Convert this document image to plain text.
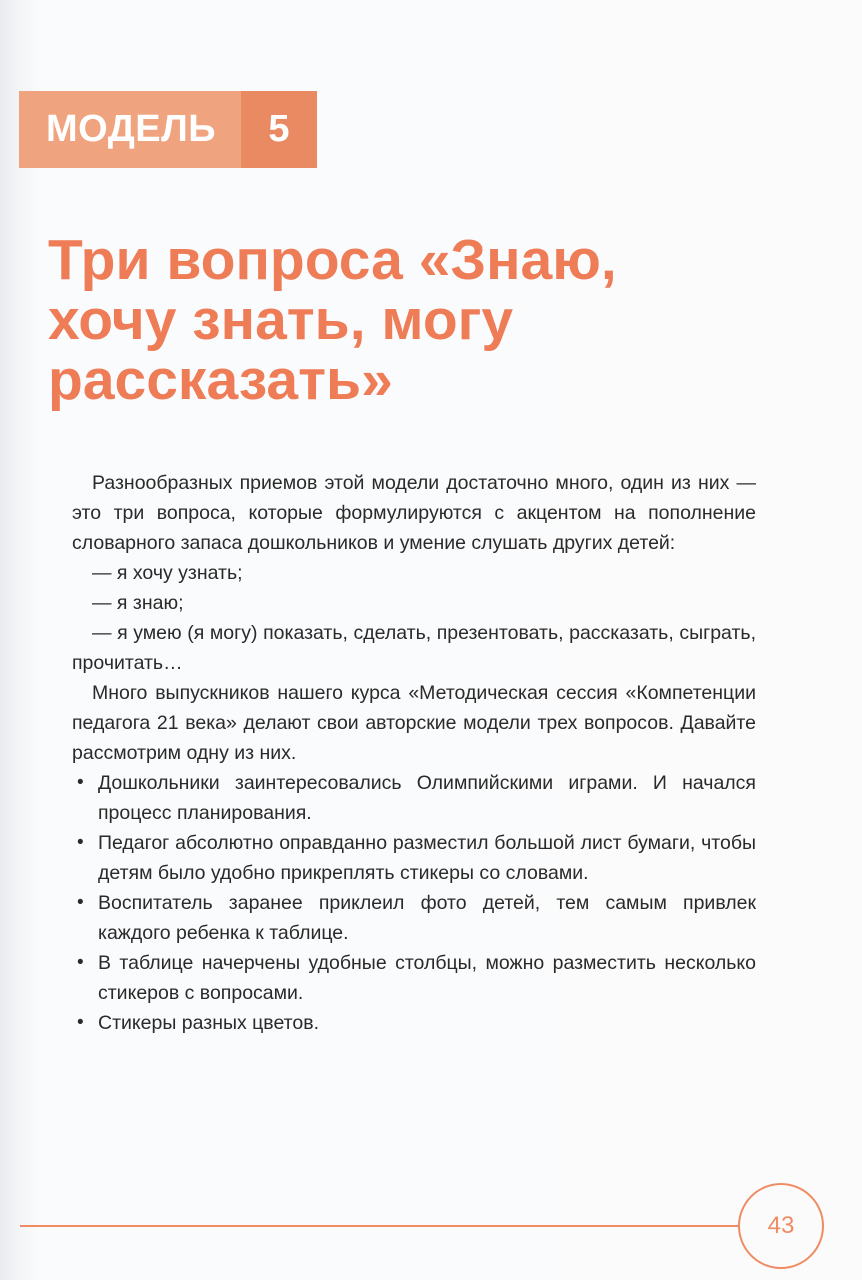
МОДЕЛЬ	5
Три вопроса «Знаю,
хочу знать, могу
рассказать»

Разнообразных приемов этой модели достаточно много, один из них — это три вопроса, которые формулируются с акцентом на пополнение словарного запаса дошкольников и умение слушать других детей:

— я хочу узнать;
— я знаю;
— я умею (я могу) показать, сделать, презентовать, рассказать, сыграть, прочитать…

Много выпускников нашего курса «Методическая сессия «Компетенции педагога 21 века» делают свои авторские модели трех вопросов. Давайте рассмотрим одну из них.

• Дошкольники заинтересовались Олимпийскими играми. И начался процесс планирования.
• Педагог абсолютно оправданно разместил большой лист бумаги, чтобы детям было удобно прикреплять стикеры со словами.
• Воспитатель заранее приклеил фото детей, тем самым привлек каждого ребенка к таблице.
• В таблице начерчены удобные столбцы, можно разместить несколько стикеров с вопросами.
• Стикеры разных цветов.
43
